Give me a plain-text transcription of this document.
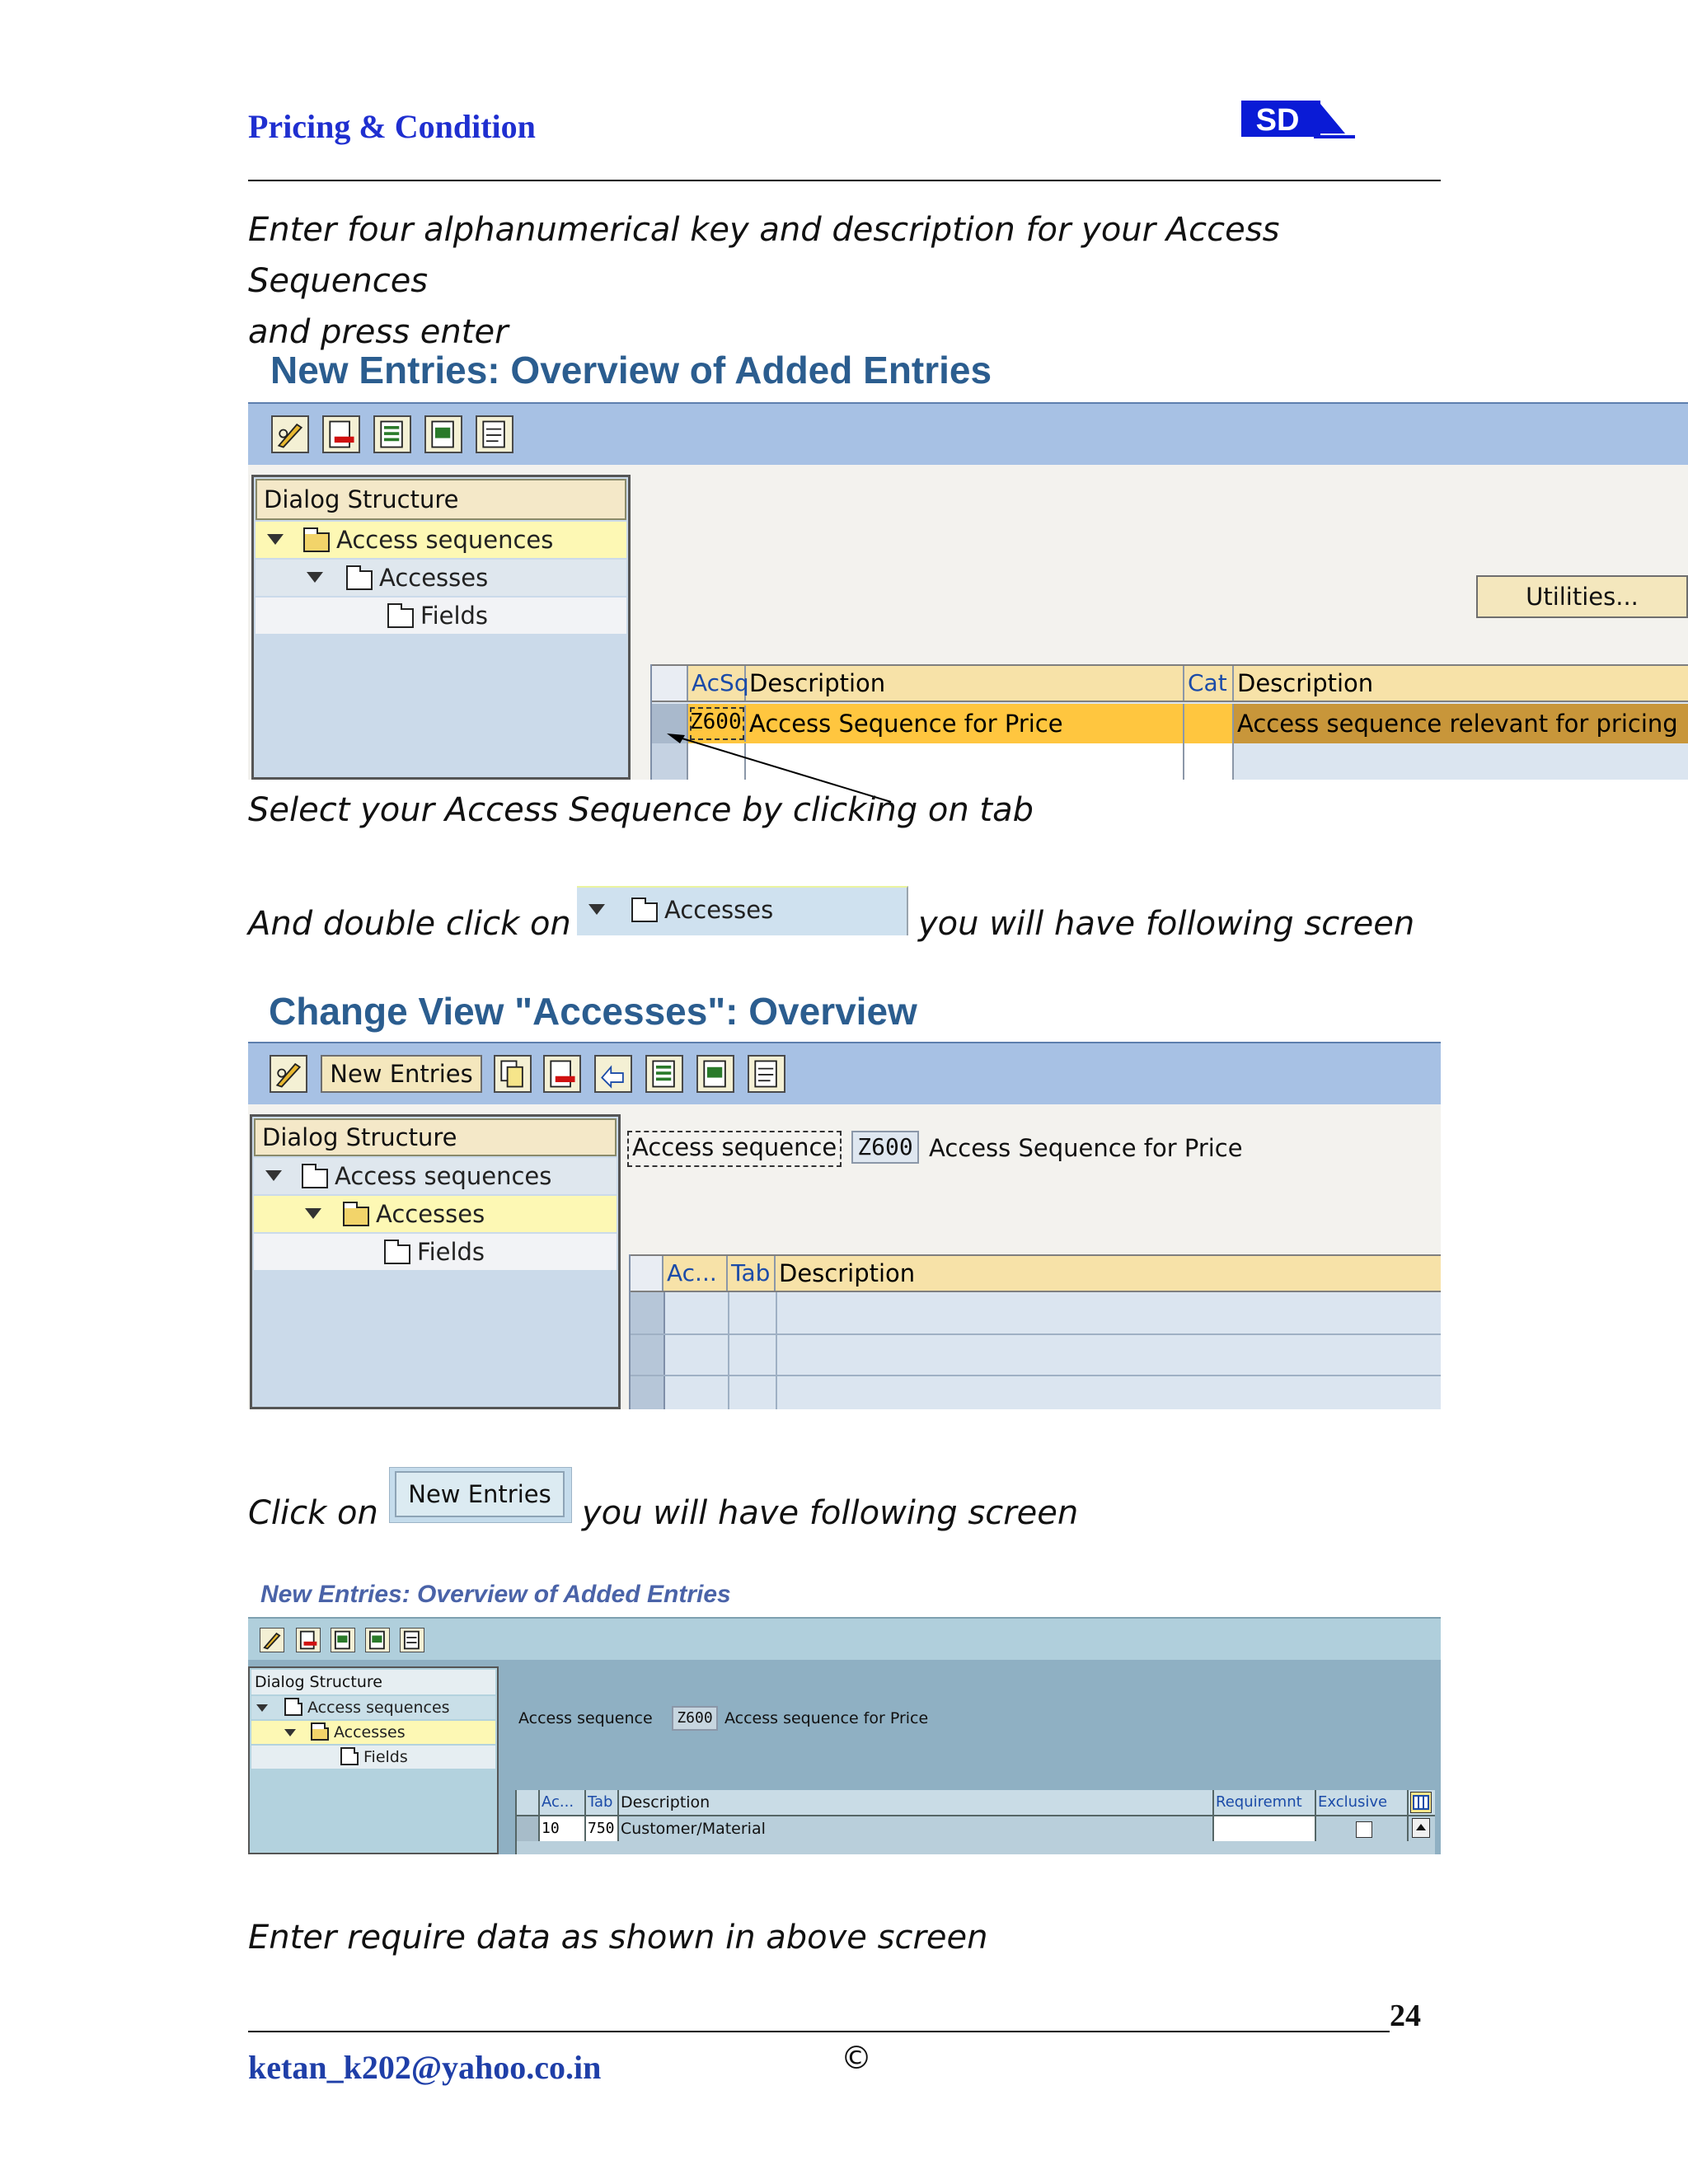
Pricing & Condition	SD
Enter four alphanumerical key and description for your Access Sequences
and press enter
New Entries: Overview of Added Entries
Dialog Structure
Access sequences
Accesses
Fields
Utilities...
AcSq Description	Cat Description
Z600 Access Sequence for Price	Access sequence relevant for pricing
Select your Access Sequence by clicking on tab
And double click on	Accesses	you will have following screen
Change View "Accesses": Overview
New Entries
Dialog Structure
Access sequences
Accesses
Fields
Access sequence Z600 Access Sequence for Price
Ac... Tab Description
Click on	New Entries you will have following screen
New Entries: Overview of Added Entries
Dialog Structure
Access sequences
Accesses
Fields
Access sequence	Z600 Access sequence for Price
Ac... Tab Description	Requiremnt	Exclusive
10	750 Customer/Material
Enter require data as shown in above screen
24
ketan_k202@yahoo.co.in	©
